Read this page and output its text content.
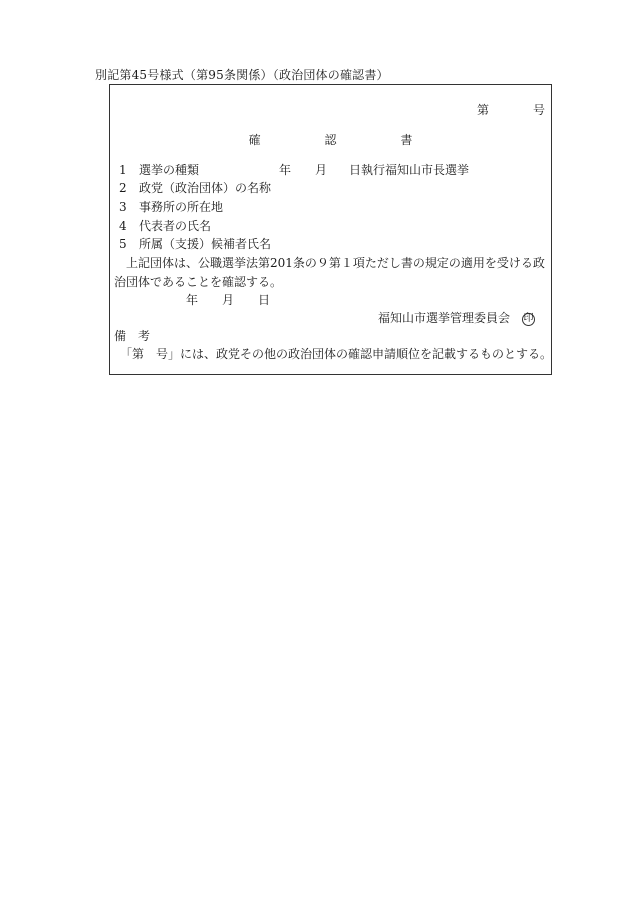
別記第45号様式（第95条関係）（政治団体の確認書）
第	号
確	認	書
1 選挙の種類	年 月 日執行福知山市長選挙
2 政党（政治団体）の名称
3 事務所の所在地
4 代表者の氏名
5 所属（支援）候補者氏名
上記団体は、公職選挙法第201条の９第１項ただし書の規定の適用を受ける政治団体であることを確認する。
年 月 日
福知山市選挙管理委員会 印
備 考
「第　号」には、政党その他の政治団体の確認申請順位を記載するものとする。
